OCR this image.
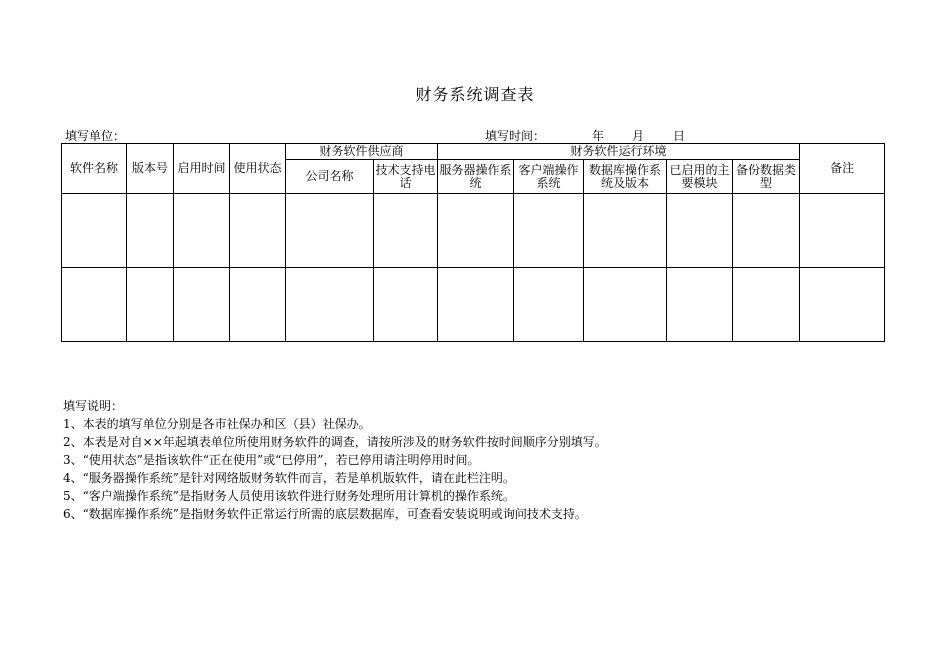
财务系统调查表
填写单位：	填写时间：	年 月 日
软件名称	版本号	启用时间	使用状态	财务软件供应商		财务软件运行环境					备注
				公司名称	技术支持电话	服务器操作系统	客户端操作系统	数据库操作系统及版本	已启用的主要模块	备份数据类型	

填写说明：
1、本表的填写单位分别是各市社保办和区（县）社保办。
2、本表是对自××年起填表单位所使用财务软件的调查，请按所涉及的财务软件按时间顺序分别填写。
3、“使用状态”是指该软件“正在使用”或“已停用”，若已停用请注明停用时间。
4、“服务器操作系统”是针对网络版财务软件而言，若是单机版软件，请在此栏注明。
5、“客户端操作系统”是指财务人员使用该软件进行财务处理所用计算机的操作系统。
6、“数据库操作系统”是指财务软件正常运行所需的底层数据库，可查看安装说明或询问技术支持。
